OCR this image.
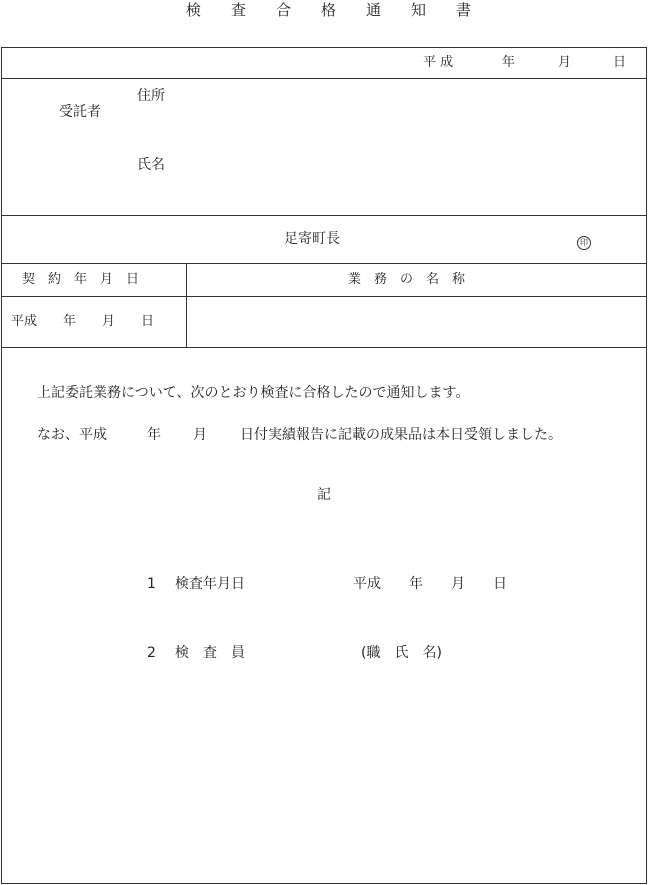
検　　査　　合　　格　　通　　知　　書
平 成	年	月	日
受託者
住所
氏名
足寄町長	印
契　約　年　月　日	業　務　の　名　称
平成　　年　　月　　日
上記委託業務について、次のとおり検査に合格したので通知します。
なお、平成	年 月 日付実績報告に記載の成果品は本日受領しました。
記
1 検査年月日	平成　　年　　月　　日
2 検　査　員	(職　氏　名)
